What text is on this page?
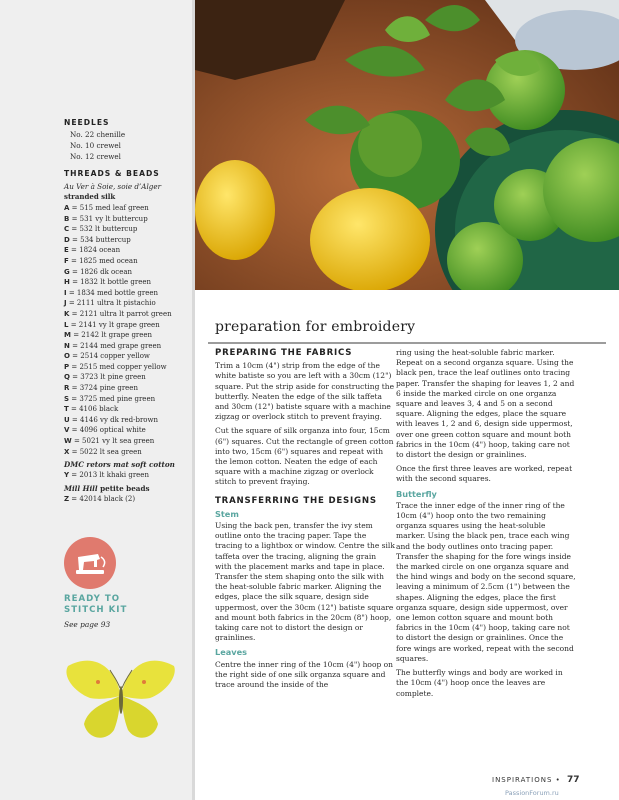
NEEDLES
No. 22 chenille
No. 10 crewel
No. 12 crewel
THREADS & BEADS
Au Ver à Soie, soie d’Alger
stranded silk
A = 515 med leaf green
B = 531 vy lt buttercup
C = 532 lt buttercup
D = 534 buttercup
E = 1824 ocean
F = 1825 med ocean
G = 1826 dk ocean
H = 1832 lt bottle green
I = 1834 med bottle green
J = 2111 ultra lt pistachio
K = 2121 ultra lt parrot green
L = 2141 vy lt grape green
M = 2142 lt grape green
N = 2144 med grape green
O = 2514 copper yellow
P = 2515 med copper yellow
Q = 3723 lt pine green
R = 3724 pine green
S = 3725 med pine green
T = 4106 black
U = 4146 vy dk red-brown
V = 4096 optical white
W = 5021 vy lt sea green
X = 5022 lt sea green
DMC retors mat soft cotton
Y = 2013 lt khaki green
Mill Hill petite beads
Z = 42014 black (2)
READY TO
STITCH KIT
See page 93
preparation for embroidery
PREPARING THE FABRICS

Trim a 10cm (4") strip from the edge of the white batiste so you are left with a 30cm (12") square. Put the strip aside for constructing the butterfly. Neaten the edge of the silk taffeta and 30cm (12") batiste square with a machine zigzag or overlock stitch to prevent fraying.

Cut the square of silk organza into four, 15cm (6") squares. Cut the rectangle of green cotton into two, 15cm (6") squares and repeat with the lemon cotton. Neaten the edge of each square with a machine zigzag or overlock stitch to prevent fraying.

TRANSFERRING THE DESIGNS
Stem

Using the back pen, transfer the ivy stem outline onto the tracing paper. Tape the tracing to a lightbox or window. Centre the silk taffeta over the tracing, aligning the grain with the placement marks and tape in place. Transfer the stem shaping onto the silk with the heat-soluble fabric marker. Aligning the edges, place the silk square, design side uppermost, over the 30cm (12") batiste square and mount both fabrics in the 20cm (8") hoop, taking care not to distort the design or grainlines.

Leaves

Centre the inner ring of the 10cm (4") hoop on the right side of one silk organza square and trace around the inside of the

ring using the heat-soluble fabric marker. Repeat on a second organza square. Using the black pen, trace the leaf outlines onto tracing paper. Transfer the shaping for leaves 1, 2 and 6 inside the marked circle on one organza square and leaves 3, 4 and 5 on a second square. Aligning the edges, place the square with leaves 1, 2 and 6, design side uppermost, over one green cotton square and mount both fabrics in the 10cm (4") hoop, taking care not to distort the design or grainlines.

Once the first three leaves are worked, repeat with the second squares.

Butterfly

Trace the inner edge of the inner ring of the 10cm (4") hoop onto the two remaining organza squares using the heat-soluble marker. Using the black pen, trace each wing and the body outlines onto tracing paper. Transfer the shaping for the fore wings inside the marked circle on one organza square and the hind wings and body on the second square, leaving a minimum of 2.5cm (1") between the shapes. Aligning the edges, place the first organza square, design side uppermost, over one lemon cotton square and mount both fabrics in the 10cm (4") hoop, taking care not to distort the design or grainlines. Once the fore wings are worked, repeat with the second squares.

The butterfly wings and body are worked in the 10cm (4") hoop once the leaves are complete.

INSPIRATIONS • 77
PassionForum.ru
